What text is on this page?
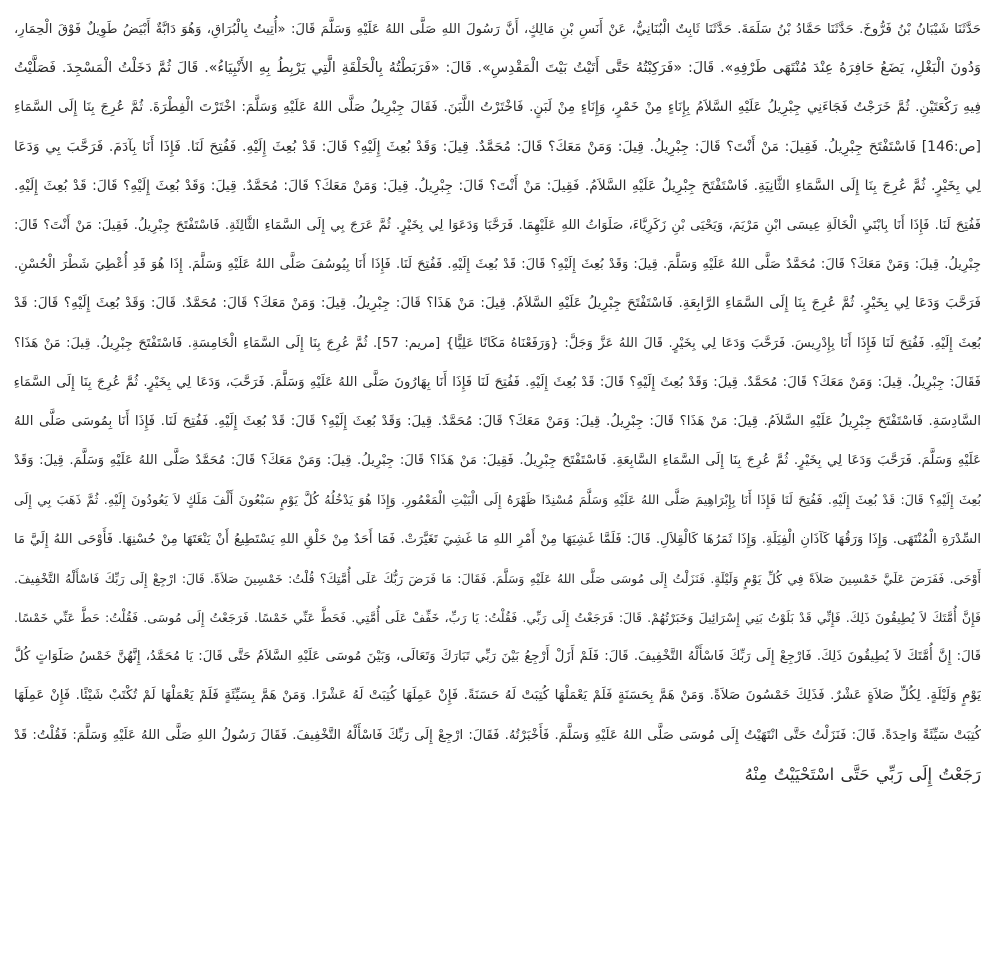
حَدَّثَنَا شَيْبَانُ بْنُ فَرُّوخَ. حَدَّثَنَا حَمَّادُ بْنُ سَلَمَةَ. حَدَّثَنَا ثَابِتٌ الْبُنَانِيُّ، عَنْ أَنَسِ بْنِ مَالِكٍ، أَنَّ رَسُولَ اللهِ صَلَّى اللهُ عَلَيْهِ وَسَلَّمَ قَالَ: «أُتِيتُ بِالْبُرَاقِ، وَهُوَ دَابَّةٌ أَبْيَضُ طَوِيلٌ فَوْقَ الْحِمَارِ،
وَدُونَ الْبَغْلِ، يَضَعُ حَافِرَهُ عِنْدَ مُنْتَهَى طَرْفِهِ». قَالَ: «فَرَكِبْتُهُ حَتَّى أَتَيْتُ بَيْتَ الْمَقْدِسِ». قَالَ: «فَرَبَطْتُهُ بِالْحَلْقَةِ الَّتِي يَرْبِطُ بِهِ الأَنْبِيَاءُ». قَالَ ثُمَّ دَخَلْتُ الْمَسْجِدَ. فَصَلَّيْتُ
فِيهِ رَكْعَتَيْنِ. ثُمَّ خَرَجْتُ فَجَاءَنِي جِبْرِيلُ عَلَيْهِ السَّلاَمُ بِإِنَاءٍ مِنْ خَمْرٍ، وَإِنَاءٍ مِنْ لَبَنٍ. فَاخْتَرْتُ اللَّبَنَ. فَقَالَ جِبْرِيلُ صَلَّى اللهُ عَلَيْهِ وَسَلَّمَ: اخْتَرْتَ الْفِطْرَةَ. ثُمَّ عُرِجَ بِنَا إِلَى السَّمَاءِ
[ص:146] فَاسْتَفْتَحَ جِبْرِيلُ. فَقِيلَ: مَنْ أَنْتَ؟ قَالَ: جِبْرِيلُ. قِيلَ: وَمَنْ مَعَكَ؟ قَالَ: مُحَمَّدٌ. قِيلَ: وَقَدْ بُعِثَ إِلَيْهِ؟ قَالَ: قَدْ بُعِثَ إِلَيْهِ. فَفُتِحَ لَنَا. فَإِذَا أَنَا بِآدَمَ. فَرَحَّبَ بِي وَدَعَا
لِي بِخَيْرٍ. ثُمَّ عُرِجَ بِنَا إِلَى السَّمَاءِ الثَّانِيَةِ. فَاسْتَفْتَحَ جِبْرِيلُ عَلَيْهِ السَّلاَمُ. فَقِيلَ: مَنْ أَنْتَ؟ قَالَ: جِبْرِيلُ. قِيلَ: وَمَنْ مَعَكَ؟ قَالَ: مُحَمَّدٌ. قِيلَ: وَقَدْ بُعِثَ إِلَيْهِ؟ قَالَ: قَدْ بُعِثَ إِلَيْهِ.
فَفُتِحَ لَنَا. فَإِذَا أَنَا بِابْنَيِ الْخَالَةِ عِيسَى ابْنِ مَرْيَمَ، وَيَحْيَى بْنِ زَكَرِيَّاءَ، صَلَوَاتُ اللهِ عَلَيْهِمَا. فَرَحَّبَا وَدَعَوَا لِي بِخَيْرٍ. ثُمَّ عَرَجَ بِي إِلَى السَّمَاءِ الثَّالِثَةِ. فَاسْتَفْتَحَ جِبْرِيلُ. فَقِيلَ: مَنْ أَنْتَ؟ قَالَ:
جِبْرِيلُ. قِيلَ: وَمَنْ مَعَكَ؟ قَالَ: مُحَمَّدٌ صَلَّى اللهُ عَلَيْهِ وَسَلَّمَ. قِيلَ: وَقَدْ بُعِثَ إِلَيْهِ؟ قَالَ: قَدْ بُعِثَ إِلَيْهِ. فَفُتِحَ لَنَا. فَإِذَا أَنَا بِيُوسُفَ صَلَّى اللهُ عَلَيْهِ وَسَلَّمَ. إِذَا هُوَ قَدِ أُعْطِيَ شَطْرَ الْحُسْنِ.
فَرَحَّبَ وَدَعَا لِي بِخَيْرٍ. ثُمَّ عُرِجَ بِنَا إِلَى السَّمَاءِ الرَّابِعَةِ. فَاسْتَفْتَحَ جِبْرِيلُ عَلَيْهِ السَّلاَمُ. قِيلَ: مَنْ هَذَا؟ قَالَ: جِبْرِيلُ. قِيلَ: وَمَنْ مَعَكَ؟ قَالَ: مُحَمَّدٌ. قَالَ: وَقَدْ بُعِثَ إِلَيْهِ؟ قَالَ: قَدْ
بُعِثَ إِلَيْهِ. فَفُتِحَ لَنَا فَإِذَا أَنَا بِإِدْرِيسَ. فَرَحَّبَ وَدَعَا لِي بِخَيْرٍ. قَالَ اللهُ عَزَّ وَجَلَّ: {وَرَفَعْنَاهُ مَكَانًا عَلِيًّا} [مريم: 57]. ثُمَّ عُرِجَ بِنَا إِلَى السَّمَاءِ الْخَامِسَةِ. فَاسْتَفْتَحَ جِبْرِيلُ. قِيلَ: مَنْ هَذَا؟
فَقَالَ: جِبْرِيلُ. قِيلَ: وَمَنْ مَعَكَ؟ قَالَ: مُحَمَّدٌ. قِيلَ: وَقَدْ بُعِثَ إِلَيْهِ؟ قَالَ: قَدْ بُعِثَ إِلَيْهِ. فَفُتِحَ لَنَا فَإِذَا أَنَا بِهَارُونَ صَلَّى اللهُ عَلَيْهِ وَسَلَّمَ. فَرَحَّبَ، وَدَعَا لِي بِخَيْرٍ. ثُمَّ عُرِجَ بِنَا إِلَى السَّمَاءِ
السَّادِسَةِ. فَاسْتَفْتَحَ جِبْرِيلُ عَلَيْهِ السَّلاَمُ. قِيلَ: مَنْ هَذَا؟ قَالَ: جِبْرِيلُ. قِيلَ: وَمَنْ مَعَكَ؟ قَالَ: مُحَمَّدٌ. قِيلَ: وَقَدْ بُعِثَ إِلَيْهِ؟ قَالَ: قَدْ بُعِثَ إِلَيْهِ. فَفُتِحَ لَنَا. فَإِذَا أَنَا بِمُوسَى صَلَّى اللهُ
عَلَيْهِ وَسَلَّمَ. فَرَحَّبَ وَدَعَا لِي بِخَيْرٍ. ثُمَّ عُرِجَ بِنَا إِلَى السَّمَاءِ السَّابِعَةِ. فَاسْتَفْتَحَ جِبْرِيلُ. فَقِيلَ: مَنْ هَذَا؟ قَالَ: جِبْرِيلُ. قِيلَ: وَمَنْ مَعَكَ؟ قَالَ: مُحَمَّدٌ صَلَّى اللهُ عَلَيْهِ وَسَلَّمَ. قِيلَ: وَقَدْ
بُعِثَ إِلَيْهِ؟ قَالَ: قَدْ بُعِثَ إِلَيْهِ. فَفُتِحَ لَنَا فَإِذَا أَنَا بِإِبْرَاهِيمَ صَلَّى اللهُ عَلَيْهِ وَسَلَّمَ مُسْنِدًا ظَهْرَهُ إِلَى الْبَيْتِ الْمَعْمُورِ. وَإِذَا هُوَ يَدْخُلُهُ كُلَّ يَوْمٍ سَبْعُونَ أَلْفَ مَلَكٍ لاَ يَعُودُونَ إِلَيْهِ. ثُمَّ ذَهَبَ بِي إِلَى
السِّدْرَةِ الْمُنْتَهَى. وَإِذَا وَرَقُهَا كَآذَانِ الْفِيَلَةِ. وَإِذَا ثَمَرُهَا كَالْقِلاَلِ. قَالَ: فَلَمَّا غَشِيَهَا مِنْ أَمْرِ اللهِ مَا غَشِيَ تَغَيَّرَتْ. فَمَا أَحَدٌ مِنْ خَلْقِ اللهِ يَسْتَطِيعُ أَنْ يَنْعَتَهَا مِنْ حُسْنِهَا. فَأَوْحَى اللهُ إِلَيَّ مَا
أَوْحَى. فَفَرَضَ عَلَيَّ خَمْسِينَ صَلاَةً فِي كُلِّ يَوْمٍ وَلَيْلَةٍ. فَنَزَلْتُ إِلَى مُوسَى صَلَّى اللهُ عَلَيْهِ وَسَلَّمَ. فَقَالَ: مَا فَرَضَ رَبُّكَ عَلَى أُمَّتِكَ؟ قُلْتُ: خَمْسِينَ صَلاَةً. قَالَ: ارْجِعْ إِلَى رَبِّكَ فَاسْأَلْهُ التَّخْفِيفَ.
فَإِنَّ أُمَّتَكَ لاَ يُطِيقُونَ ذَلِكَ. فَإِنِّي قَدْ بَلَوْتُ بَنِي إِسْرَائِيلَ وَخَبَرْتُهُمْ. قَالَ: فَرَجَعْتُ إِلَى رَبِّي. فَقُلْتُ: يَا رَبِّ، خَفِّفْ عَلَى أُمَّتِي. فَحَطَّ عَنِّي خَمْسًا. فَرَجَعْتُ إِلَى مُوسَى. فَقُلْتُ: حَطَّ عَنِّي خَمْسًا.
قَالَ: إِنَّ أُمَّتَكَ لاَ يُطِيقُونَ ذَلِكَ. فَارْجِعْ إِلَى رَبِّكَ فَاسْأَلْهُ التَّخْفِيفَ. قَالَ: فَلَمْ أَزَلْ أَرْجِعُ بَيْنَ رَبِّي تَبَارَكَ وَتَعَالَى، وَبَيْنَ مُوسَى عَلَيْهِ السَّلاَمُ حَتَّى قَالَ: يَا مُحَمَّدُ، إِنَّهُنَّ خَمْسُ صَلَوَاتٍ كُلَّ
يَوْمٍ وَلَيْلَةٍ. لِكُلِّ صَلاَةٍ عَشْرٌ. فَذَلِكَ خَمْسُونَ صَلاَةً. وَمَنْ هَمَّ بِحَسَنَةٍ فَلَمْ يَعْمَلْهَا كُتِبَتْ لَهُ حَسَنَةً. فَإِنْ عَمِلَهَا كُتِبَتْ لَهُ عَشْرًا. وَمَنْ هَمَّ بِسَيِّئَةٍ فَلَمْ يَعْمَلْهَا لَمْ تُكْتَبْ شَيْئًا. فَإِنْ عَمِلَهَا
كُتِبَتْ سَيِّئَةً وَاحِدَةً. قَالَ: فَنَزَلْتُ حَتَّى انْتَهَيْتُ إِلَى مُوسَى صَلَّى اللهُ عَلَيْهِ وَسَلَّمَ. فَأَخْبَرْتُهُ. فَقَالَ: ارْجِعْ إِلَى رَبِّكَ فَاسْأَلْهُ التَّخْفِيفَ. فَقَالَ رَسُولُ اللهِ صَلَّى اللهُ عَلَيْهِ وَسَلَّمَ: فَقُلْتُ: قَدْ
رَجَعْتُ إِلَى رَبِّي حَتَّى اسْتَحْيَيْتُ مِنْهُ
